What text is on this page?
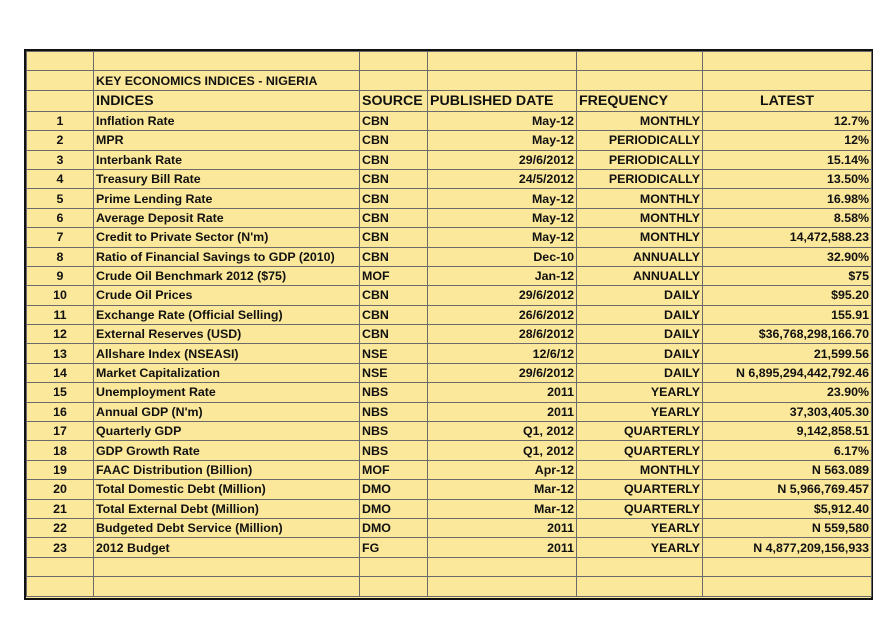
	KEY ECONOMICS INDICES - NIGERIA				
	INDICES	SOURCE	PUBLISHED DATE	FREQUENCY	LATEST
1	Inflation Rate	CBN	May-12	MONTHLY	12.7%
2	MPR	CBN	May-12	PERIODICALLY	12%
3	Interbank Rate	CBN	29/6/2012	PERIODICALLY	15.14%
4	Treasury Bill Rate	CBN	24/5/2012	PERIODICALLY	13.50%
5	Prime Lending Rate	CBN	May-12	MONTHLY	16.98%
6	Average Deposit Rate	CBN	May-12	MONTHLY	8.58%
7	Credit to Private Sector (N'm)	CBN	May-12	MONTHLY	14,472,588.23
8	Ratio of Financial Savings to GDP (2010)	CBN	Dec-10	ANNUALLY	32.90%
9	Crude Oil Benchmark 2012 ($75)	MOF	Jan-12	ANNUALLY	$75
10	Crude Oil Prices	CBN	29/6/2012	DAILY	$95.20
11	Exchange Rate (Official Selling)	CBN	26/6/2012	DAILY	155.91
12	External Reserves (USD)	CBN	28/6/2012	DAILY	$36,768,298,166.70
13	Allshare Index (NSEASI)	NSE	12/6/12	DAILY	21,599.56
14	Market Capitalization	NSE	29/6/2012	DAILY	N 6,895,294,442,792.46
15	Unemployment Rate	NBS	2011	YEARLY	23.90%
16	Annual GDP (N'm)	NBS	2011	YEARLY	37,303,405.30
17	Quarterly GDP	NBS	Q1, 2012	QUARTERLY	9,142,858.51
18	GDP Growth Rate	NBS	Q1, 2012	QUARTERLY	6.17%
19	FAAC Distribution (Billion)	MOF	Apr-12	MONTHLY	N 563.089
20	Total Domestic Debt (Million)	DMO	Mar-12	QUARTERLY	N 5,966,769.457
21	Total External Debt (Million)	DMO	Mar-12	QUARTERLY	$5,912.40
22	Budgeted Debt Service (Million)	DMO	2011	YEARLY	N 559,580
23	2012 Budget	FG	2011	YEARLY	N 4,877,209,156,933
